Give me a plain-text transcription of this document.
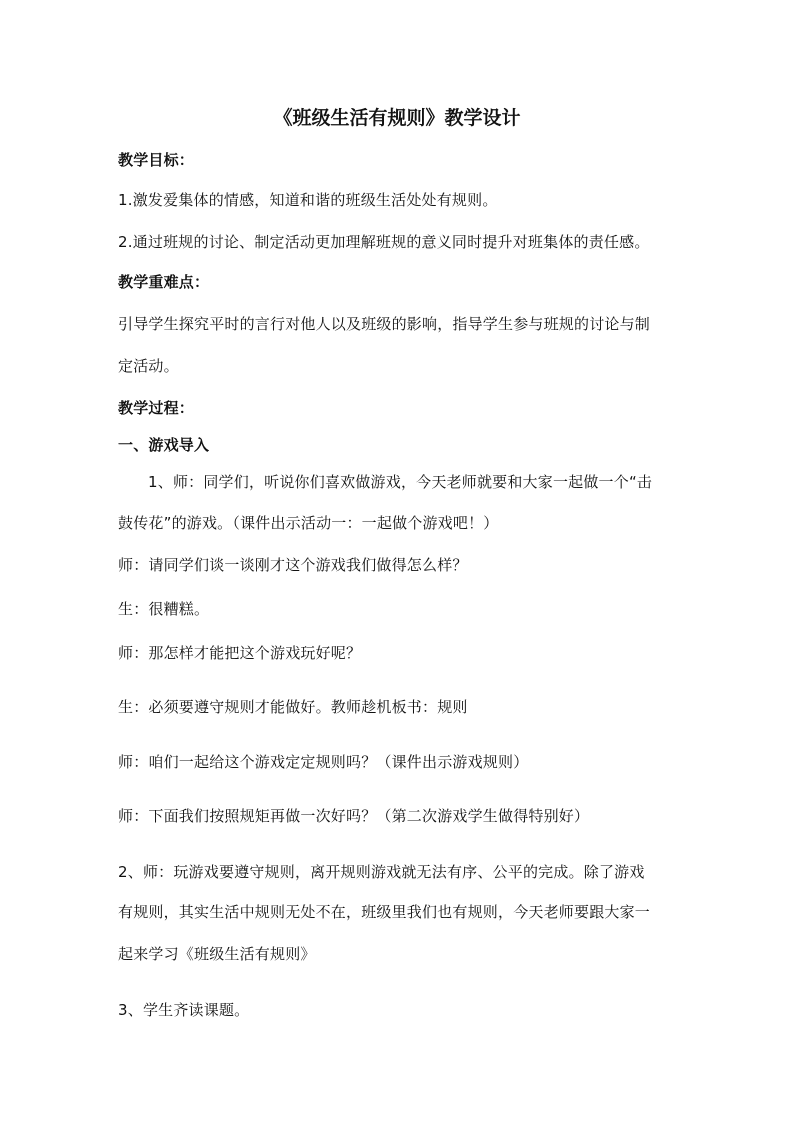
《班级生活有规则》教学设计
教学目标：
1.激发爱集体的情感，知道和谐的班级生活处处有规则。
2.通过班规的讨论、制定活动更加理解班规的意义同时提升对班集体的责任感。
教学重难点：
引导学生探究平时的言行对他人以及班级的影响，指导学生参与班规的讨论与制
定活动。
教学过程：
一、游戏导入
1、师：同学们，听说你们喜欢做游戏，今天老师就要和大家一起做一个“击
鼓传花”的游戏。（课件出示活动一：一起做个游戏吧！）
师：请同学们谈一谈刚才这个游戏我们做得怎么样？
生：很糟糕。
师：那怎样才能把这个游戏玩好呢？
生：必须要遵守规则才能做好。教师趁机板书：规则
师：咱们一起给这个游戏定定规则吗？（课件出示游戏规则）
师：下面我们按照规矩再做一次好吗？（第二次游戏学生做得特别好）
2、师：玩游戏要遵守规则，离开规则游戏就无法有序、公平的完成。除了游戏
有规则，其实生活中规则无处不在，班级里我们也有规则，今天老师要跟大家一
起来学习《班级生活有规则》
3、学生齐读课题。
